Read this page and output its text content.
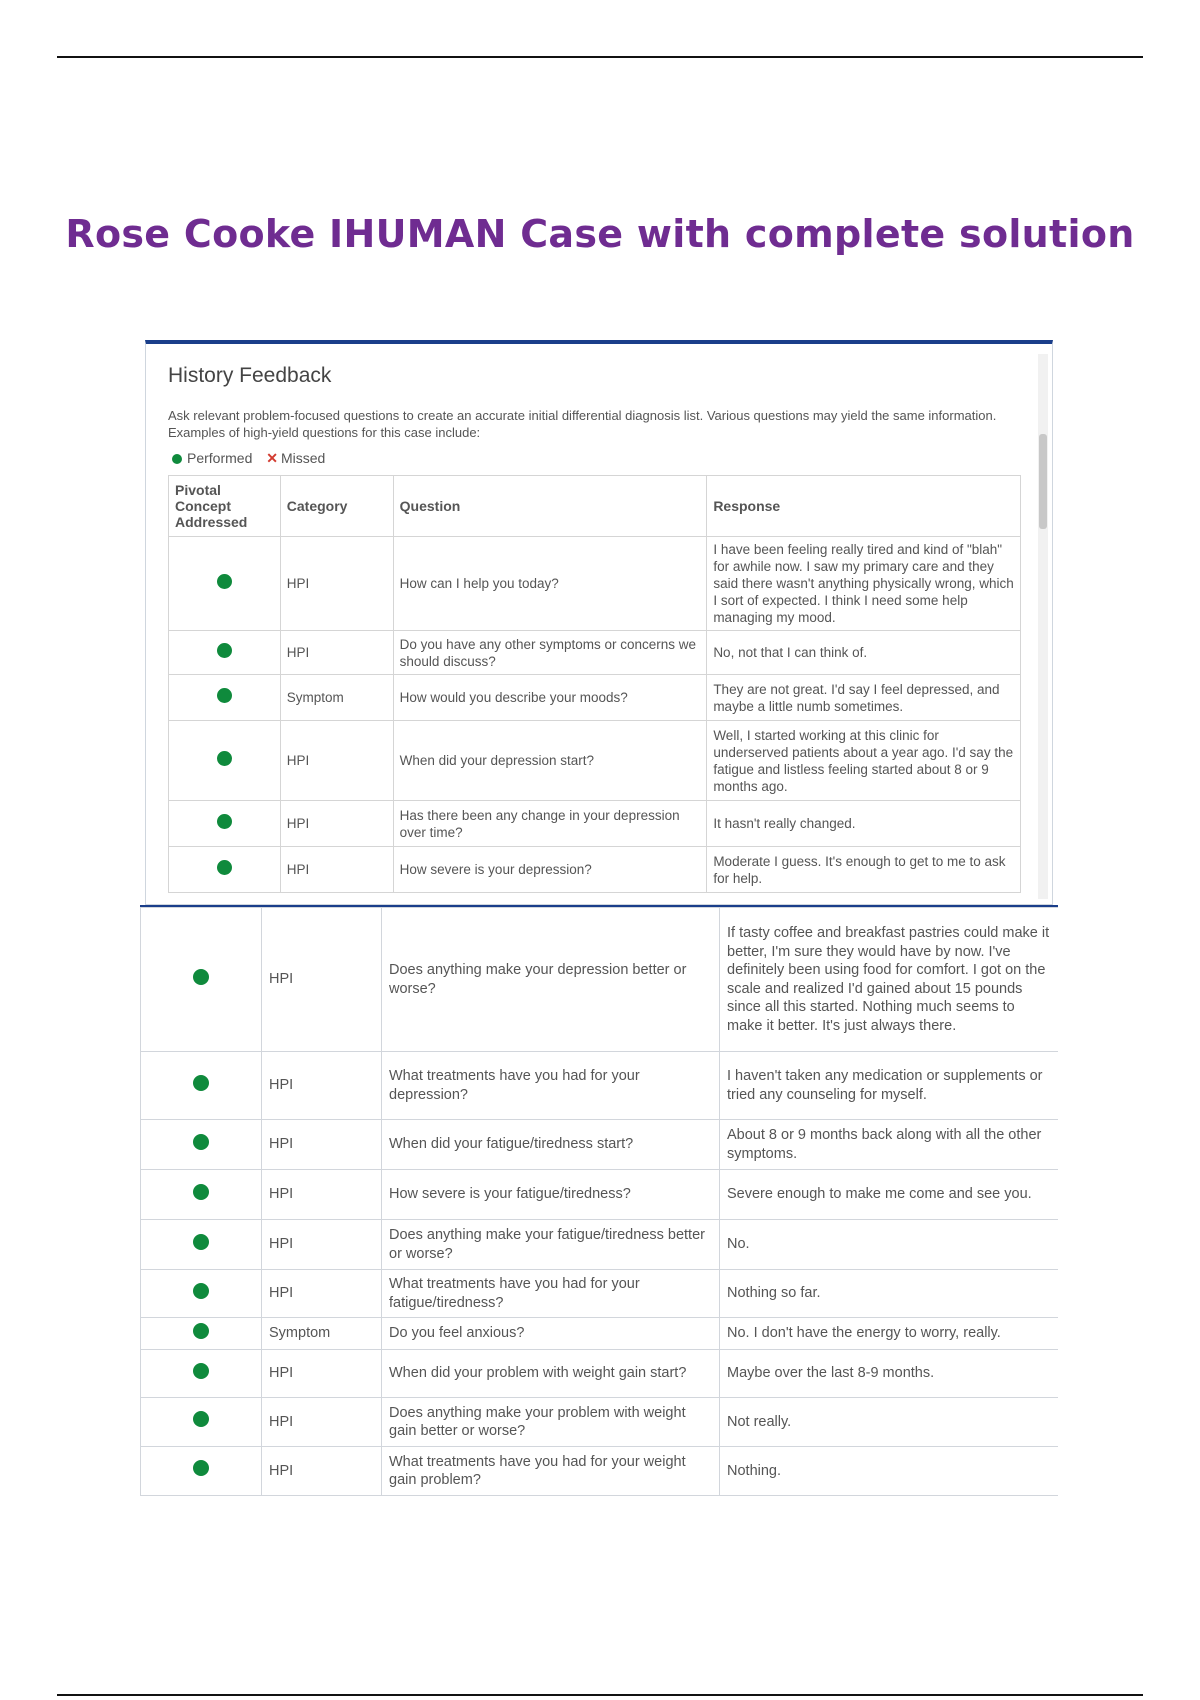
Rose Cooke IHUMAN Case with complete solution
History Feedback
Ask relevant problem-focused questions to create an accurate initial differential diagnosis list. Various questions may yield the same information. Examples of high-yield questions for this case include:
Performed ✕ Missed
Pivotal Concept Addressed	Category	Question	Response
	HPI	How can I help you today?	I have been feeling really tired and kind of "blah" for awhile now. I saw my primary care and they said there wasn't anything physically wrong, which I sort of expected. I think I need some help managing my mood.
	HPI	Do you have any other symptoms or concerns we should discuss?	No, not that I can think of.
	Symptom	How would you describe your moods?	They are not great. I'd say I feel depressed, and maybe a little numb sometimes.
	HPI	When did your depression start?	Well, I started working at this clinic for underserved patients about a year ago. I'd say the fatigue and listless feeling started about 8 or 9 months ago.
	HPI	Has there been any change in your depression over time?	It hasn't really changed.
	HPI	How severe is your depression?	Moderate I guess. It's enough to get to me to ask for help.
	HPI	Does anything make your depression better or worse?	If tasty coffee and breakfast pastries could make it better, I'm sure they would have by now. I've definitely been using food for comfort. I got on the scale and realized I'd gained about 15 pounds since all this started. Nothing much seems to make it better. It's just always there.
	HPI	What treatments have you had for your depression?	I haven't taken any medication or supplements or tried any counseling for myself.
	HPI	When did your fatigue/tiredness start?	About 8 or 9 months back along with all the other symptoms.
	HPI	How severe is your fatigue/tiredness?	Severe enough to make me come and see you.
	HPI	Does anything make your fatigue/tiredness better or worse?	No.
	HPI	What treatments have you had for your fatigue/tiredness?	Nothing so far.
	Symptom	Do you feel anxious?	No. I don't have the energy to worry, really.
	HPI	When did your problem with weight gain start?	Maybe over the last 8-9 months.
	HPI	Does anything make your problem with weight gain better or worse?	Not really.
	HPI	What treatments have you had for your weight gain problem?	Nothing.
